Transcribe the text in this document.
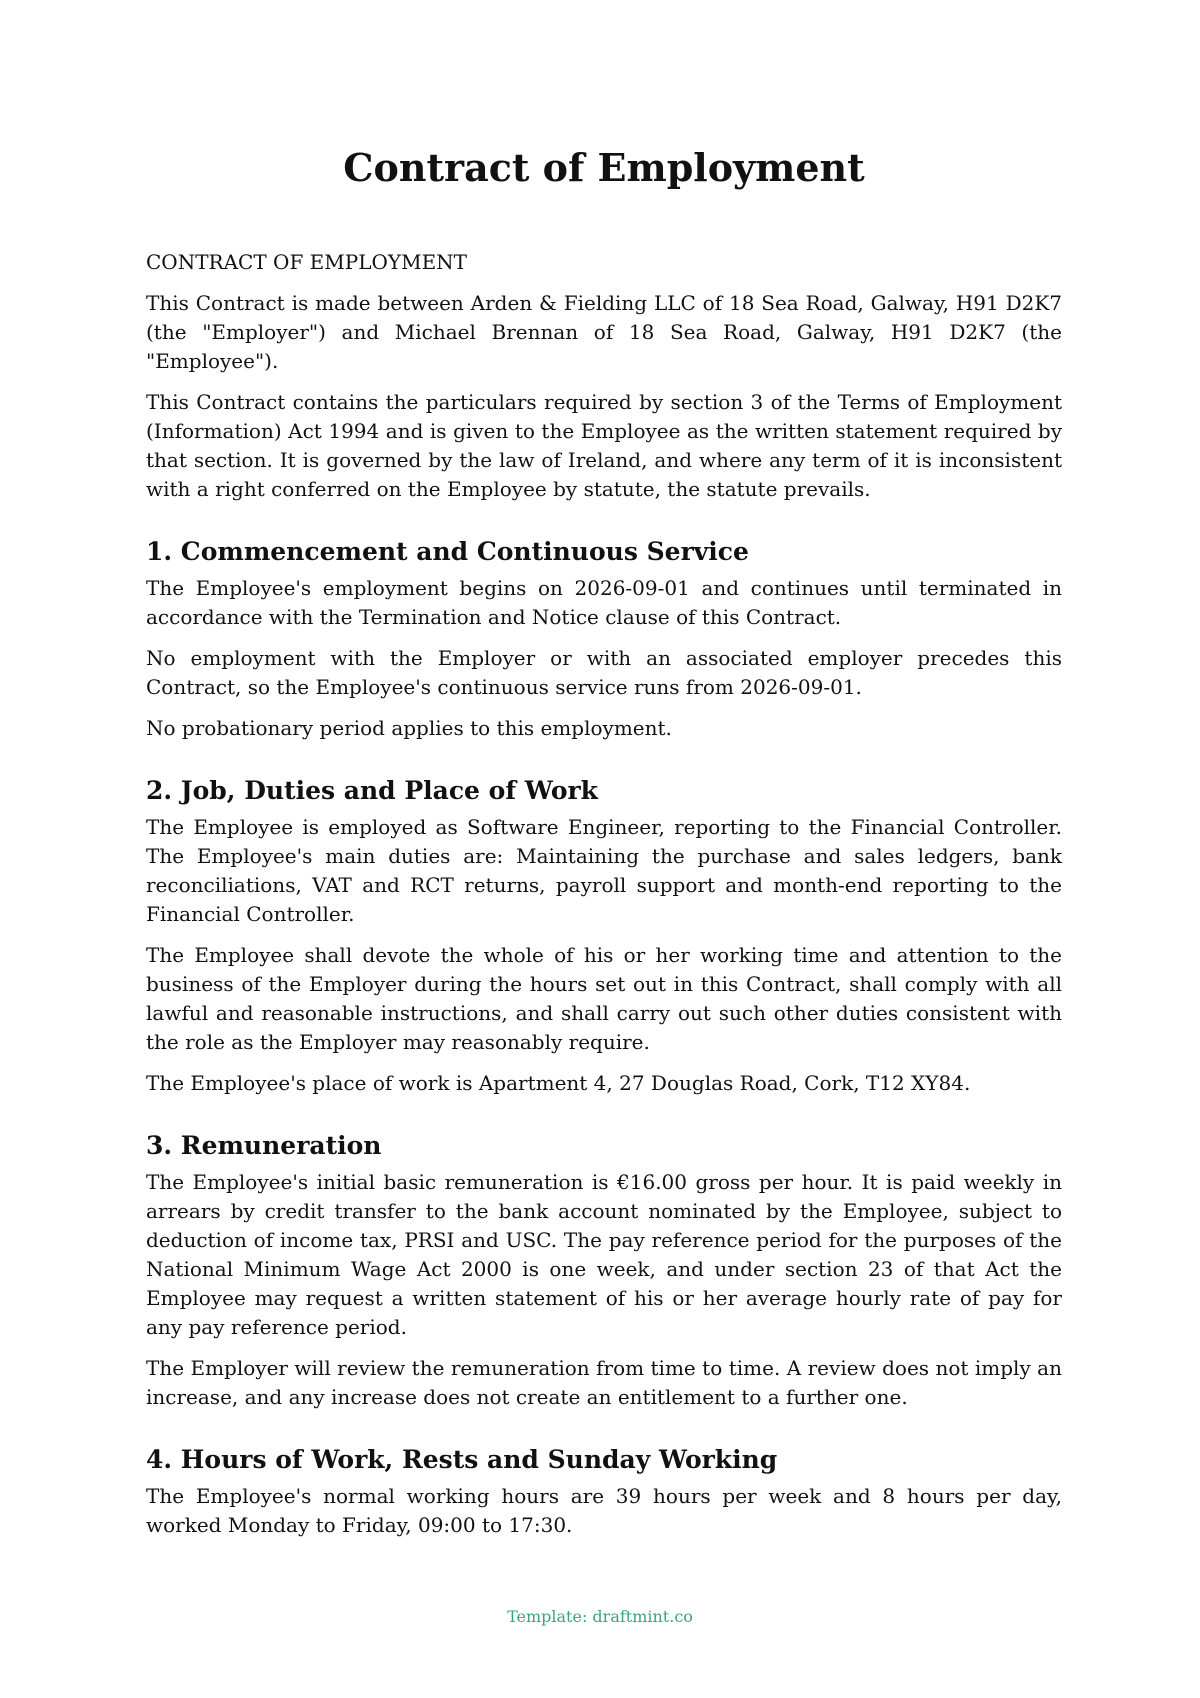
Contract of Employment

CONTRACT OF EMPLOYMENT

This Contract is made between Arden & Fielding LLC of 18 Sea Road, Galway, H91 D2K7 (the "Employer") and Michael Brennan of 18 Sea Road, Galway, H91 D2K7 (the "Employee").

This Contract contains the particulars required by section 3 of the Terms of Employment (Information) Act 1994 and is given to the Employee as the written statement required by that section. It is governed by the law of Ireland, and where any term of it is inconsistent with a right conferred on the Employee by statute, the statute prevails.

1. Commencement and Continuous Service

The Employee's employment begins on 2026-09-01 and continues until terminated in accordance with the Termination and Notice clause of this Contract.

No employment with the Employer or with an associated employer precedes this Contract, so the Employee's continuous service runs from 2026-09-01.

No probationary period applies to this employment.

2. Job, Duties and Place of Work

The Employee is employed as Software Engineer, reporting to the Financial Controller. The Employee's main duties are: Maintaining the purchase and sales ledgers, bank reconciliations, VAT and RCT returns, payroll support and month-end reporting to the Financial Controller.

The Employee shall devote the whole of his or her working time and attention to the business of the Employer during the hours set out in this Contract, shall comply with all lawful and reasonable instructions, and shall carry out such other duties consistent with the role as the Employer may reasonably require.

The Employee's place of work is Apartment 4, 27 Douglas Road, Cork, T12 XY84.

3. Remuneration

The Employee's initial basic remuneration is €16.00 gross per hour. It is paid weekly in arrears by credit transfer to the bank account nominated by the Employee, subject to deduction of income tax, PRSI and USC. The pay reference period for the purposes of the National Minimum Wage Act 2000 is one week, and under section 23 of that Act the Employee may request a written statement of his or her average hourly rate of pay for any pay reference period.

The Employer will review the remuneration from time to time. A review does not imply an increase, and any increase does not create an entitlement to a further one.

4. Hours of Work, Rests and Sunday Working

The Employee's normal working hours are 39 hours per week and 8 hours per day, worked Monday to Friday, 09:00 to 17:30.

Template: draftmint.co
